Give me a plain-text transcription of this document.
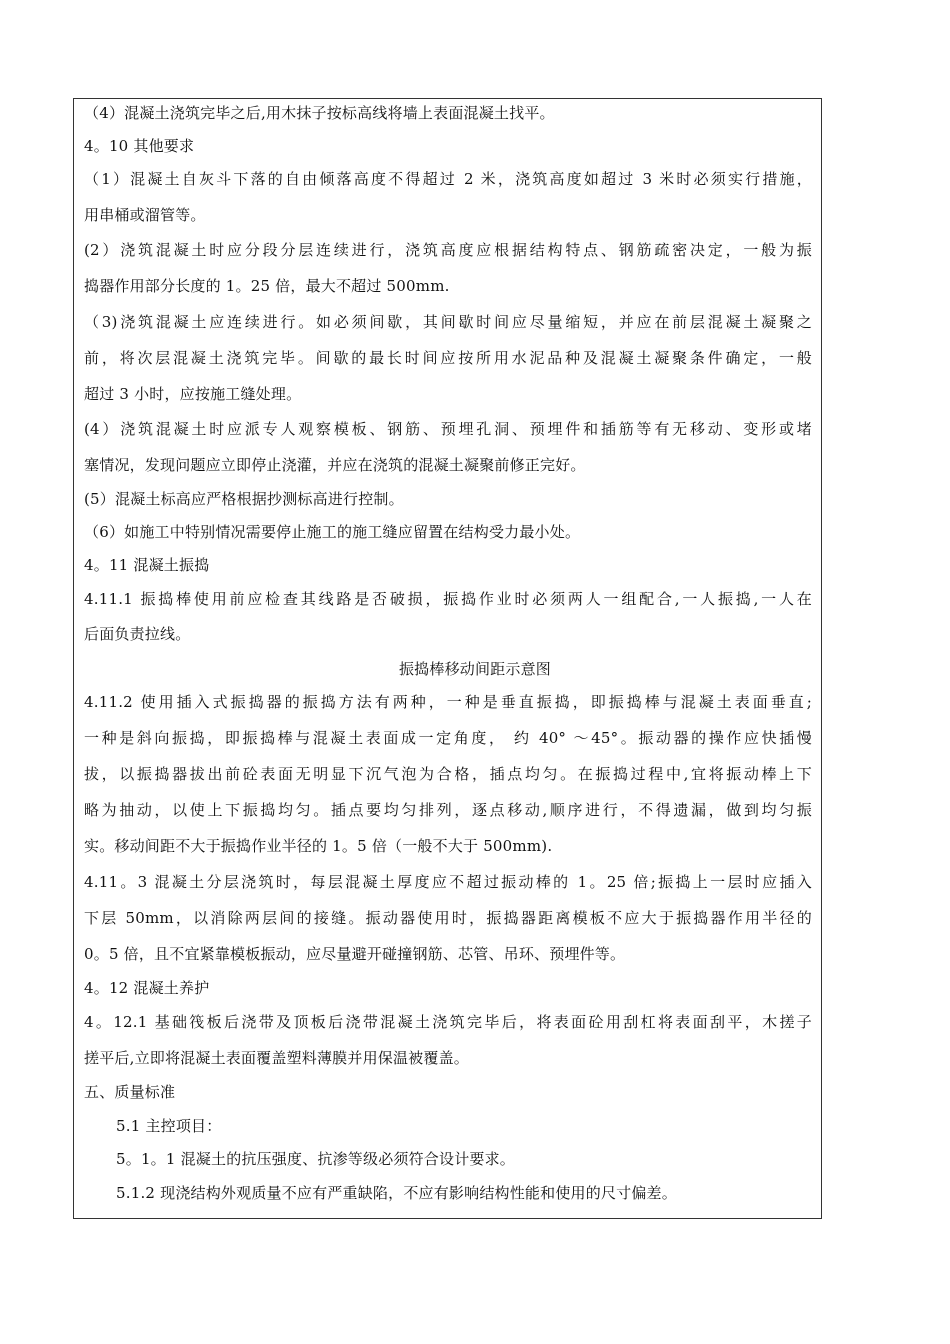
（4）混凝土浇筑完毕之后,用木抹子按标高线将墙上表面混凝土找平。
4。10 其他要求
（1）混凝土自灰斗下落的自由倾落高度不得超过 2 米，浇筑高度如超过 3 米时必须实行措施，
用串桶或溜管等。
(2）浇筑混凝土时应分段分层连续进行，浇筑高度应根据结构特点、钢筋疏密决定，一般为振
捣器作用部分长度的 1。25 倍，最大不超过 500mm.
（3)浇筑混凝土应连续进行。如必须间歇，其间歇时间应尽量缩短，并应在前层混凝土凝聚之
前，将次层混凝土浇筑完毕。间歇的最长时间应按所用水泥品种及混凝土凝聚条件确定，一般
超过 3 小时，应按施工缝处理。
(4）浇筑混凝土时应派专人观察模板、钢筋、预埋孔洞、预埋件和插筋等有无移动、变形或堵
塞情况，发现问题应立即停止浇灌，并应在浇筑的混凝土凝聚前修正完好。
(5）混凝土标高应严格根据抄测标高进行控制。
（6）如施工中特别情况需要停止施工的施工缝应留置在结构受力最小处。
4。11 混凝土振捣
4.11.1 振捣棒使用前应检查其线路是否破损，振捣作业时必须两人一组配合,一人振捣,一人在
后面负责拉线。
振捣棒移动间距示意图
4.11.2 使用插入式振捣器的振捣方法有两种，一种是垂直振捣，即振捣棒与混凝土表面垂直;
一种是斜向振捣，即振捣棒与混凝土表面成一定角度， 约 40° ～45°。振动器的操作应快插慢
拔，以振捣器拔出前砼表面无明显下沉气泡为合格，插点均匀。在振捣过程中,宜将振动棒上下
略为抽动，以使上下振捣均匀。插点要均匀排列，逐点移动,顺序进行，不得遗漏，做到均匀振
实。移动间距不大于振捣作业半径的 1。5 倍（一般不大于 500mm).
4.11。3 混凝土分层浇筑时，每层混凝土厚度应不超过振动棒的 1。25 倍;振捣上一层时应插入
下层 50mm，以消除两层间的接缝。振动器使用时，振捣器距离模板不应大于振捣器作用半径的
0。5 倍，且不宜紧靠模板振动，应尽量避开碰撞钢筋、芯管、吊环、预埋件等。
4。12 混凝土养护
4。12.1 基础筏板后浇带及顶板后浇带混凝土浇筑完毕后，将表面砼用刮杠将表面刮平，木搓子
搓平后,立即将混凝土表面覆盖塑料薄膜并用保温被覆盖。
五、质量标准
5.1 主控项目：
5。1。1 混凝土的抗压强度、抗渗等级必须符合设计要求。
5.1.2 现浇结构外观质量不应有严重缺陷，不应有影响结构性能和使用的尺寸偏差。
